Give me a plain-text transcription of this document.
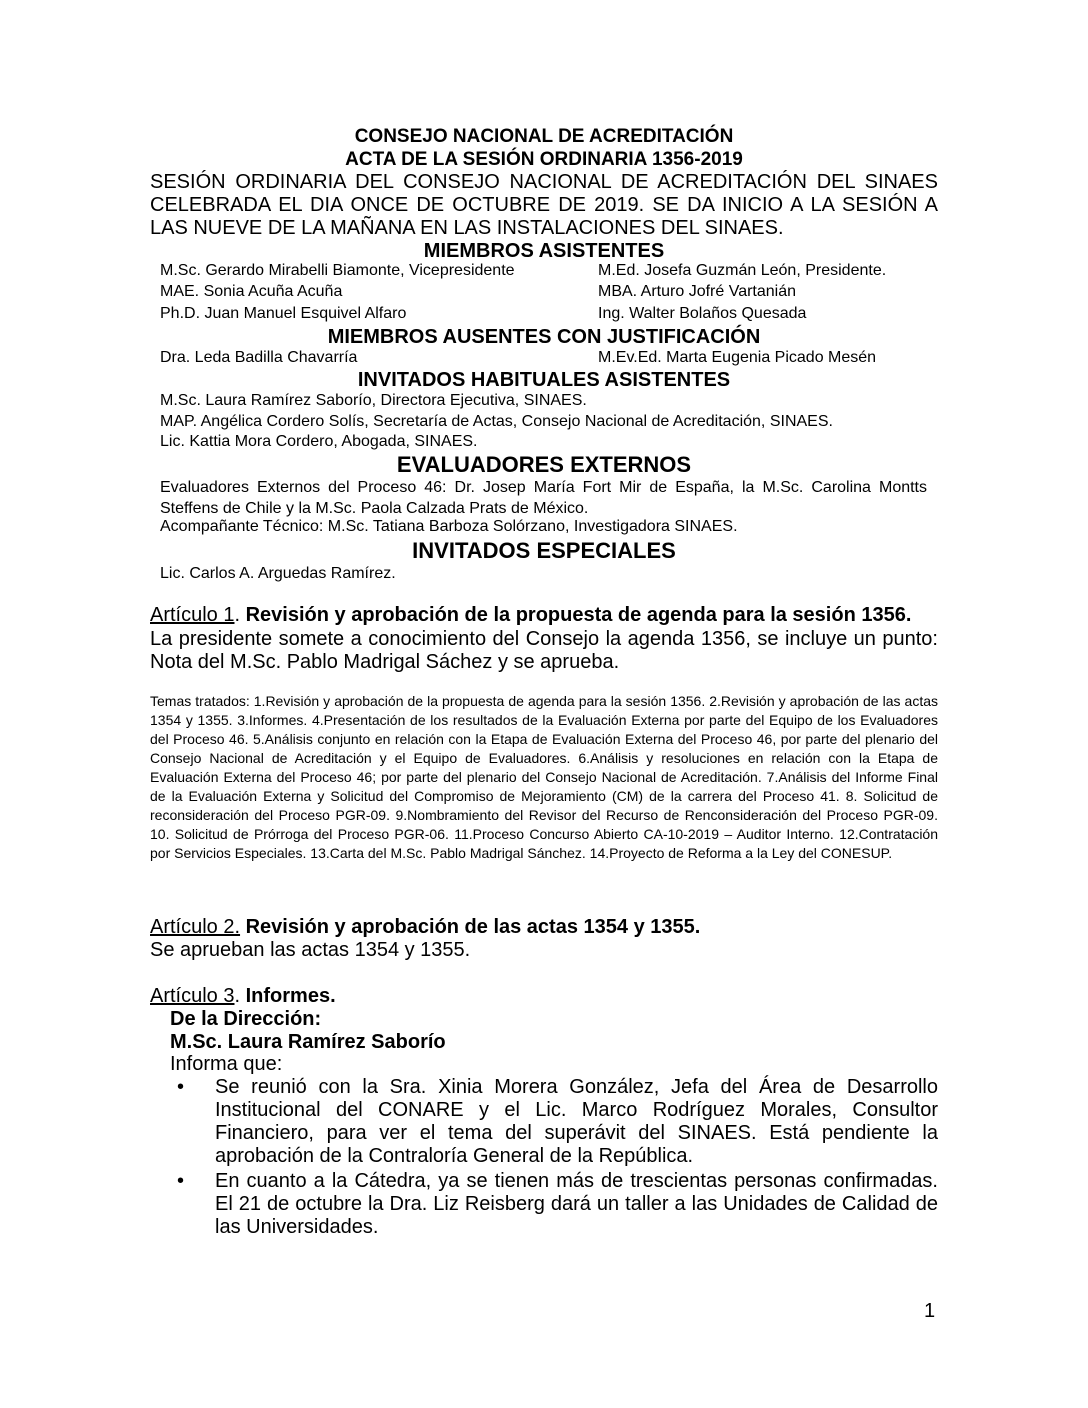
CONSEJO NACIONAL DE ACREDITACIÓN
ACTA DE LA SESIÓN ORDINARIA 1356-2019
SESIÓN ORDINARIA DEL CONSEJO NACIONAL DE ACREDITACIÓN DEL SINAES CELEBRADA EL DIA ONCE DE OCTUBRE DE 2019. SE DA INICIO A LA SESIÓN A LAS NUEVE DE LA MAÑANA EN LAS INSTALACIONES DEL SINAES.
MIEMBROS ASISTENTES
M.Sc. Gerardo Mirabelli Biamonte, Vicepresidente	M.Ed. Josefa Guzmán León, Presidente.
MAE. Sonia Acuña Acuña	MBA. Arturo Jofré Vartanián
Ph.D. Juan Manuel Esquivel Alfaro	Ing. Walter Bolaños Quesada
MIEMBROS AUSENTES CON JUSTIFICACIÓN
Dra. Leda Badilla Chavarría	M.Ev.Ed. Marta Eugenia Picado Mesén
INVITADOS HABITUALES ASISTENTES
M.Sc. Laura Ramírez Saborío, Directora Ejecutiva, SINAES.
MAP. Angélica Cordero Solís, Secretaría de Actas, Consejo Nacional de Acreditación, SINAES.
Lic. Kattia Mora Cordero, Abogada, SINAES.
EVALUADORES EXTERNOS
Evaluadores Externos del Proceso 46: Dr. Josep María Fort Mir de España, la M.Sc. Carolina Montts Steffens de Chile y la M.Sc. Paola Calzada Prats de México.
Acompañante Técnico: M.Sc. Tatiana Barboza Solórzano, Investigadora SINAES.
INVITADOS ESPECIALES
Lic. Carlos A. Arguedas Ramírez.
Artículo 1. Revisión y aprobación de la propuesta de agenda para la sesión 1356.
La presidente somete a conocimiento del Consejo la agenda 1356, se incluye un punto: Nota del M.Sc. Pablo Madrigal Sáchez y se aprueba.
Temas tratados: 1.Revisión y aprobación de la propuesta de agenda para la sesión 1356. 2.Revisión y aprobación de las actas 1354 y 1355. 3.Informes. 4.Presentación de los resultados de la Evaluación Externa por parte del Equipo de los Evaluadores del Proceso 46. 5.Análisis conjunto en relación con la Etapa de Evaluación Externa del Proceso 46, por parte del plenario del Consejo Nacional de Acreditación y el Equipo de Evaluadores. 6.Análisis y resoluciones en relación con la Etapa de Evaluación Externa del Proceso 46; por parte del plenario del Consejo Nacional de Acreditación. 7.Análisis del Informe Final de la Evaluación Externa y Solicitud del Compromiso de Mejoramiento (CM) de la carrera del Proceso 41. 8. Solicitud de reconsideración del Proceso PGR-09. 9.Nombramiento del Revisor del Recurso de Renconsideración del Proceso PGR-09. 10. Solicitud de Prórroga del Proceso PGR-06. 11.Proceso Concurso Abierto CA-10-2019 – Auditor Interno. 12.Contratación por Servicios Especiales. 13.Carta del M.Sc. Pablo Madrigal Sánchez. 14.Proyecto de Reforma a la Ley del CONESUP.
Artículo 2. Revisión y aprobación de las actas 1354 y 1355.
Se aprueban las actas 1354 y 1355.
Artículo 3. Informes.
De la Dirección:
M.Sc. Laura Ramírez Saborío
Informa que:
• Se reunió con la Sra. Xinia Morera González, Jefa del Área de Desarrollo Institucional del CONARE y el Lic. Marco Rodríguez Morales, Consultor Financiero, para ver el tema del superávit del SINAES. Está pendiente la aprobación de la Contraloría General de la República.
• En cuanto a la Cátedra, ya se tienen más de trescientas personas confirmadas. El 21 de octubre la Dra. Liz Reisberg dará un taller a las Unidades de Calidad de las Universidades.
1
